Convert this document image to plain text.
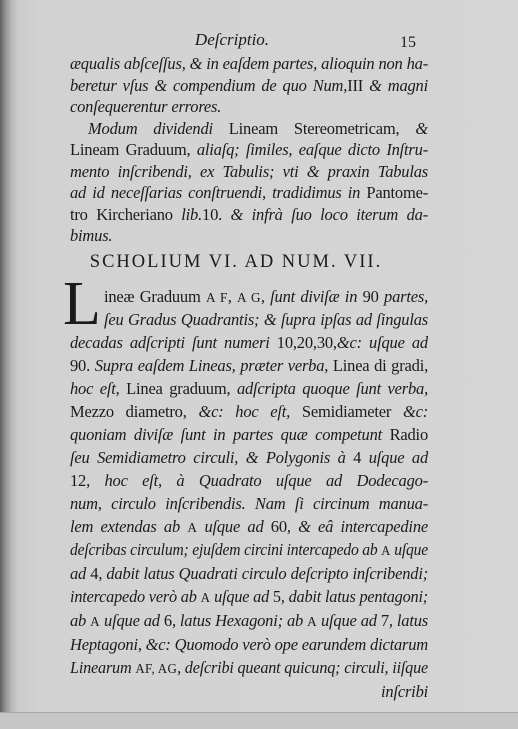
Deſcriptio.	15
æqualis abſceſſus, & in eaſdem partes, alioquin non ha-
beretur vſus & compendium de quo Num,III & magni
conſequerentur errores.
Modum dividendi Lineam Stereometricam, &
Lineam Graduum, aliaſq; ſimiles, eaſque dicto Inſtru-
mento inſcribendi, ex Tabulis; vti & praxin Tabulas
ad id neceſſarias conſtruendi, tradidimus in Pantome-
tro Kircheriano lib.10. & infrà ſuo loco iterum da-
bimus.
SCHOLIUM VI. AD NUM. VII.
L ineæ Graduum A F, A G, ſunt diviſæ in 90 partes,
ſeu Gradus Quadrantis; & ſupra ipſas ad ſingulas
decadas adſcripti ſunt numeri 10,20,30,&c: uſque ad
90. Supra eaſdem Lineas, præter verba, Linea di gradi,
hoc eſt, Linea graduum, adſcripta quoque ſunt verba,
Mezzo diametro, &c: hoc eſt, Semidiameter &c:
quoniam diviſæ ſunt in partes quæ competunt Radio
ſeu Semidiametro circuli, & Polygonis à 4 uſque ad
12, hoc eſt, à Quadrato uſque ad Dodecago-
num, circulo inſcribendis. Nam ſi circinum manua-
lem extendas ab A uſque ad 60, & eâ intercapedine
deſcribas circulum; ejuſdem circini intercapedo ab A uſque
ad 4, dabit latus Quadrati circulo deſcripto inſcribendi;
intercapedo verò ab A uſque ad 5, dabit latus pentagoni;
ab A uſque ad 6, latus Hexagoni; ab A uſque ad 7, latus
Heptagoni, &c: Quomodo verò ope earundem dictarum
Linearum AF, AG, deſcribi queant quicunq; circuli, iiſque
inſcribi
